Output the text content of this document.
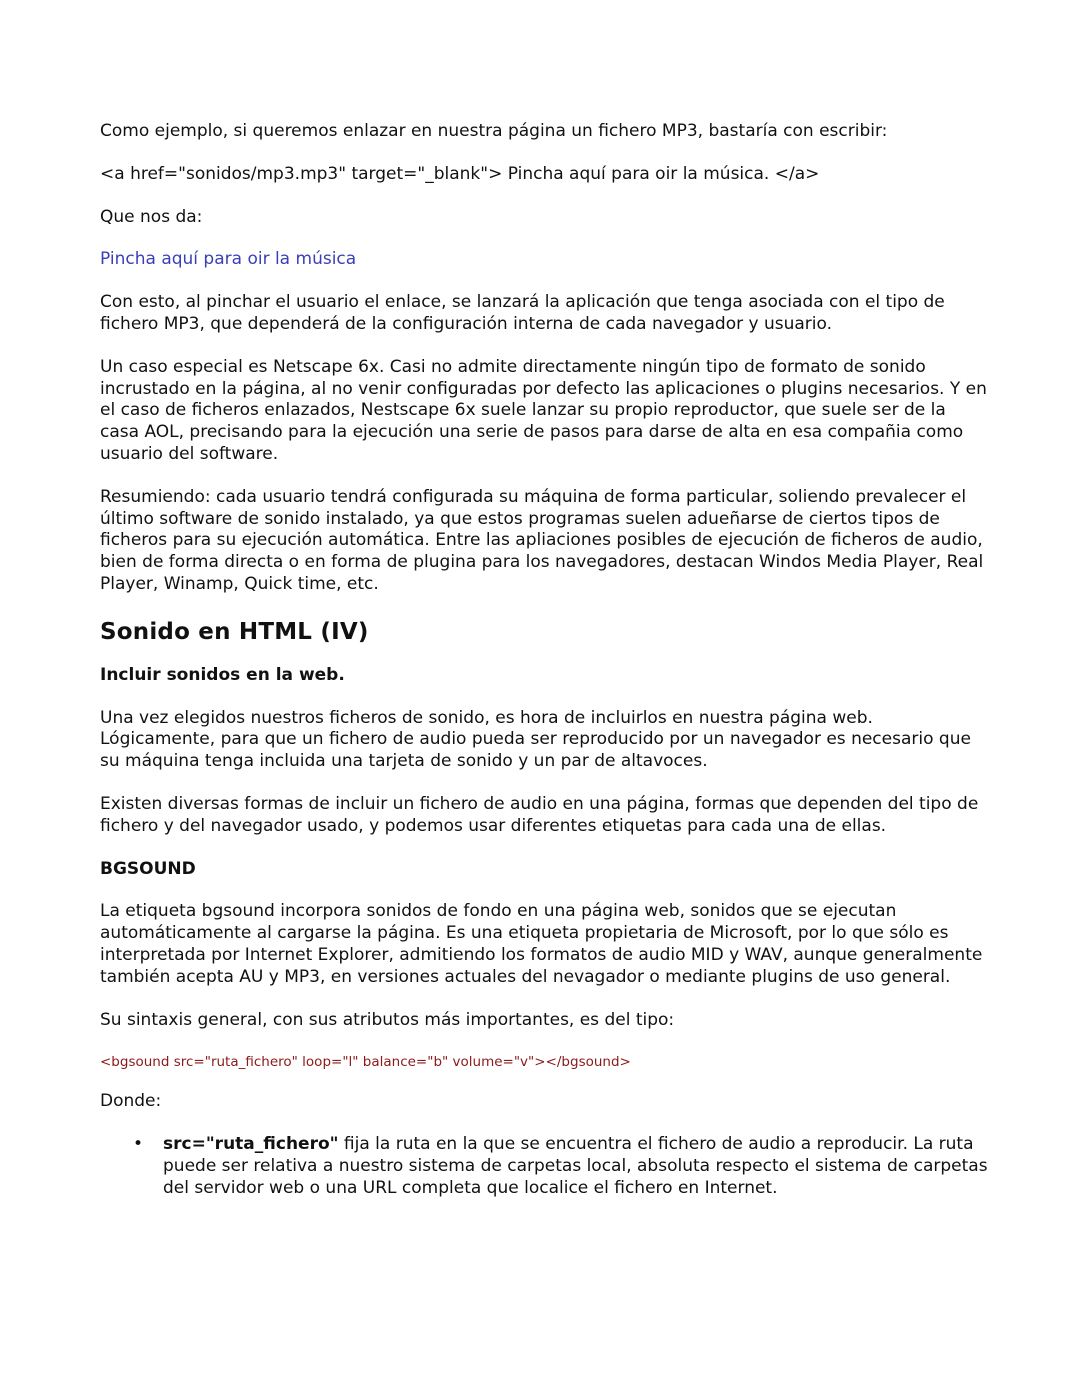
Como ejemplo, si queremos enlazar en nuestra página un fichero MP3, bastaría con escribir:

<a href="sonidos/mp3.mp3" target="_blank"> Pincha aquí para oir la música. </a>

Que nos da:

Pincha aquí para oir la música

Con esto, al pinchar el usuario el enlace, se lanzará la aplicación que tenga asociada con el tipo de fichero MP3, que dependerá de la configuración interna de cada navegador y usuario.

Un caso especial es Netscape 6x. Casi no admite directamente ningún tipo de formato de sonido incrustado en la página, al no venir configuradas por defecto las aplicaciones o plugins necesarios. Y en el caso de ficheros enlazados, Nestscape 6x suele lanzar su propio reproductor, que suele ser de la casa AOL, precisando para la ejecución una serie de pasos para darse de alta en esa compañia como usuario del software.

Resumiendo: cada usuario tendrá configurada su máquina de forma particular, soliendo prevalecer el último software de sonido instalado, ya que estos programas suelen adueñarse de ciertos tipos de ficheros para su ejecución automática. Entre las apliaciones posibles de ejecución de ficheros de audio, bien de forma directa o en forma de plugina para los navegadores, destacan Windos Media Player, Real Player, Winamp, Quick time, etc.

Sonido en HTML (IV)

Incluir sonidos en la web.

Una vez elegidos nuestros ficheros de sonido, es hora de incluirlos en nuestra página web. Lógicamente, para que un fichero de audio pueda ser reproducido por un navegador es necesario que su máquina tenga incluida una tarjeta de sonido y un par de altavoces.

Existen diversas formas de incluir un fichero de audio en una página, formas que dependen del tipo de fichero y del navegador usado, y podemos usar diferentes etiquetas para cada una de ellas.

BGSOUND

La etiqueta bgsound incorpora sonidos de fondo en una página web, sonidos que se ejecutan automáticamente al cargarse la página. Es una etiqueta propietaria de Microsoft, por lo que sólo es interpretada por Internet Explorer, admitiendo los formatos de audio MID y WAV, aunque generalmente también acepta AU y MP3, en versiones actuales del nevagador o mediante plugins de uso general.

Su sintaxis general, con sus atributos más importantes, es del tipo:

<bgsound src="ruta_fichero" loop="l" balance="b" volume="v"></bgsound>

Donde:

• src="ruta_fichero" fija la ruta en la que se encuentra el fichero de audio a reproducir. La ruta puede ser relativa a nuestro sistema de carpetas local, absoluta respecto el sistema de carpetas del servidor web o una URL completa que localice el fichero en Internet.
